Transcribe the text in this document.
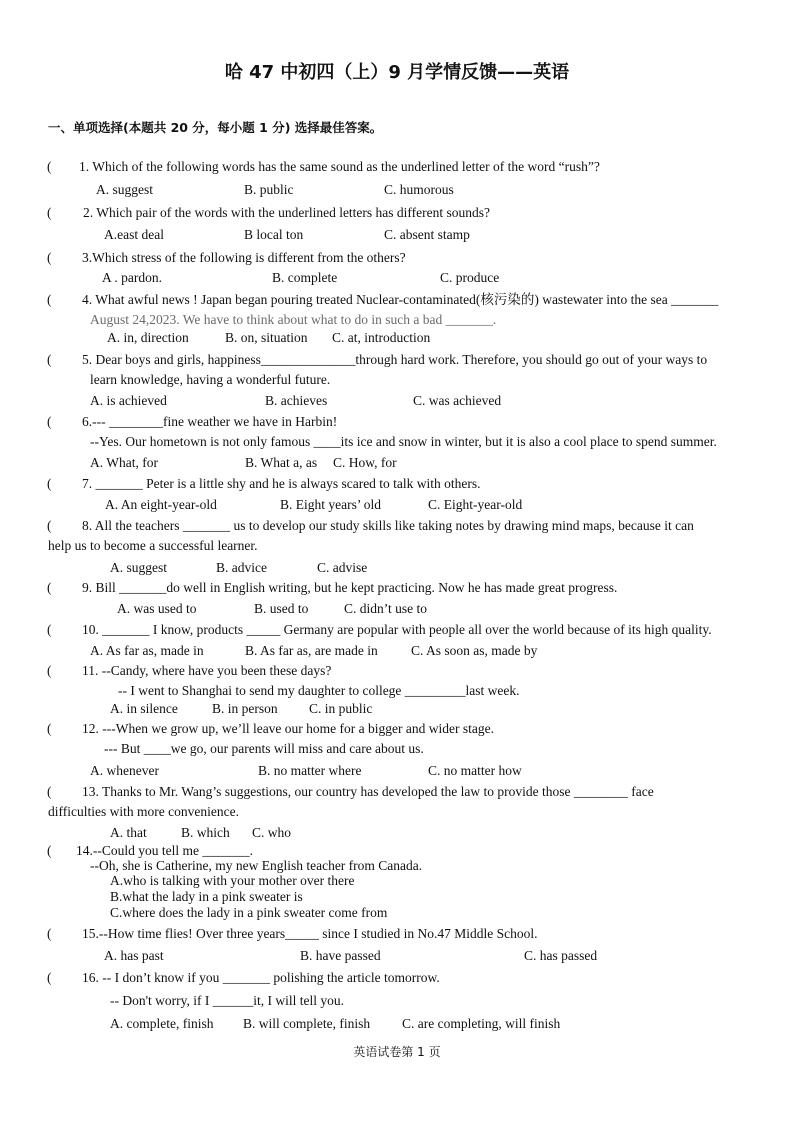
哈 47 中初四（上）9 月学情反馈——英语
一、单项选择(本题共 20 分，每小题 1 分) 选择最佳答案。
( 1. Which of the following words has the same sound as the underlined letter of the word “rush”?
A. suggest	B. public	C. humorous
( 2. Which pair of the words with the underlined letters has different sounds?
A.east deal	B local ton	C. absent stamp
( 3.Which stress of the following is different from the others?
A . pardon.	B. complete	C. produce
( 4. What awful news ! Japan began pouring treated Nuclear-contaminated(核污染的) wastewater into the sea _______
August 24,2023. We have to think about what to do in such a bad _______.
A. in, direction	B. on, situation C. at, introduction
( 5. Dear boys and girls, happiness______________through hard work. Therefore, you should go out of your ways to
learn knowledge, having a wonderful future.
A. is achieved	B. achieves	C. was achieved
( 6.--- ________fine weather we have in Harbin!
--Yes. Our hometown is not only famous ____its ice and snow in winter, but it is also a cool place to spend summer.
A. What, for	B. What a, as C. How, for
( 7. _______ Peter is a little shy and he is always scared to talk with others.
A. An eight-year-old	B. Eight years’ old	C. Eight-year-old
( 8. All the teachers _______ us to develop our study skills like taking notes by drawing mind maps, because it can
help us to become a successful learner.
A. suggest	B. advice	C. advise
( 9. Bill _______do well in English writing, but he kept practicing. Now he has made great progress.
A. was used to	B. used to	C. didn’t use to
( 10. _______ I know, products _____ Germany are popular with people all over the world because of its high quality.
A. As far as, made in	B. As far as, are made in C. As soon as, made by
( 11. --Candy, where have you been these days?
-- I went to Shanghai to send my daughter to college _________last week.
A. in silence	B. in person C. in public
( 12. ---When we grow up, we’ll leave our home for a bigger and wider stage.
--- But ____we go, our parents will miss and care about us.
A. whenever	B. no matter where	C. no matter how
( 13. Thanks to Mr. Wang’s suggestions, our country has developed the law to provide those ________ face
difficulties with more convenience.
A. that	B. which C. who
( 14.--Could you tell me _______.
--Oh, she is Catherine, my new English teacher from Canada.
A.who is talking with your mother over there
B.what the lady in a pink sweater is
C.where does the lady in a pink sweater come from
( 15.--How time flies! Over three years_____ since I studied in No.47 Middle School.
A. has past	B. have passed	C. has passed
( 16. -- I don’t know if you _______ polishing the article tomorrow.
-- Don't worry, if I ______it, I will tell you.
A. complete, finish B. will complete, finish C. are completing, will finish
英语试卷第 1 页
